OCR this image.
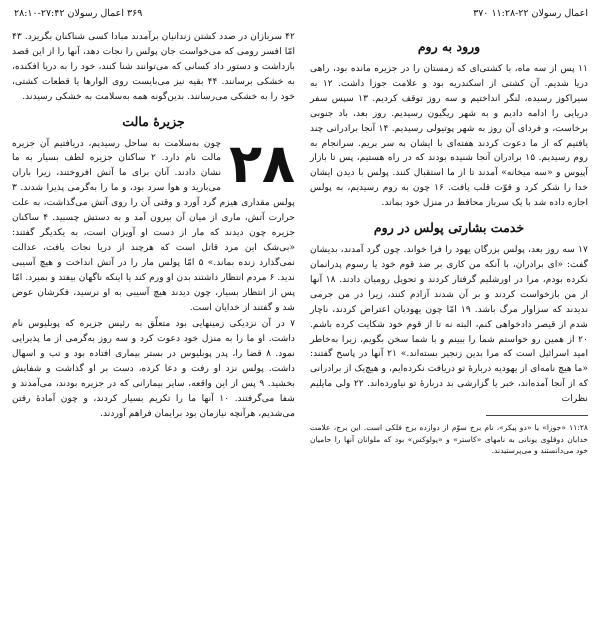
۳۶۹ اعمال رسولان ۲۷:۴۲-۲۸:۱۰	اعمال رسولان ۲۲-۱۱:۲۸ ۳۷۰

۴۲ سربازان در صدد کشتن زندانیان برآمدند مبادا کسی شناکنان بگریزد. ۴۳ امّا افسر رومی که می‌خواست جان پولس را نجات دهد، آنها را از این قصد بازداشت و دستور داد کسانی که می‌توانند شنا کنند، خود را به دریا افکنده، به خشکی برسانند. ۴۴ بقیه نیز می‌بایست روی الوارها یا قطعات کشتی، خود را به خشکی می‌رسانند. بدین‌گونه همه به‌سلامت به خشکی رسیدند.

جزیرهٔ مالت

۲۸
چون به‌سلامت به ساحل رسیدیم، دریافتیم آن جزیره مالت نام دارد. ۲ ساکنان جزیره لطف بسیار به ما نشان دادند. آنان برای ما آتش افروختند، زیرا باران می‌بارید و هوا سرد بود، و ما را به‌گرمی پذیرا شدند. ۳ پولس مقداری هیزم گرد آورد و وقتی آن را روی آتش می‌گذاشت، به علت حرارت آتش، ماری از میان آن بیرون آمد و به دستش چسبید. ۴ ساکنان جزیره چون دیدند که مار از دست او آویزان است، به یکدیگر گفتند: «بی‌شک این مرد قاتل است که هرچند از دریا نجات یافت، عدالت نمی‌گذارد زنده بماند.» ۵ امّا پولس مار را در آتش انداخت و هیچ آسیبی ندید. ۶ مردم انتظار داشتند بدن او ورم کند یا اینکه ناگهان بیفتد و بمیرد. امّا پس از انتظار بسیار، چون دیدند هیچ آسیبی به او نرسید، فکرشان عوض شد و گفتند از خدایان است.

۷ در آن نزدیکی زمینهایی بود متعلّق به رئیس جزیره که پوبلیوس نام داشت. او ما را به منزل خود دعوت کرد و سه روز به‌گرمی از ما پذیرایی نمود. ۸ قضا را، پدر پوبلیوس در بستر بیماری افتاده بود و تب و اسهال داشت. پولس نزد او رفت و دعا کرده، دست بر او گذاشت و شفایش بخشید. ۹ پس از این واقعه، سایر بیمارانی که در جزیره بودند، می‌آمدند و شفا می‌گرفتند. ۱۰ آنها ما را تکریم بسیار کردند، و چون آمادهٔ رفتن می‌شدیم، هرآنچه نیازمان بود برایمان فراهم آوردند.

ورود به روم

۱۱ پس از سه ماه، با کشتی‌ای که زمستان را در جزیره مانده بود، راهی دریا شدیم. آن کشتی از اسکندریه بود و علامت جوزا داشت. ۱۲ به سیراکوز رسیده، لنگر انداختیم و سه روز توقف کردیم. ۱۳ سپس سفر دریایی را ادامه دادیم و به شهر ریگیون رسیدیم. روز بعد، باد جنوبی برخاست، و فردای آن روز به شهر پوتیولی رسیدیم. ۱۴ آنجا برادرانی چند یافتیم که از ما دعوت کردند هفته‌ای با ایشان به سر بریم. سرانجام به روم رسیدیم. ۱۵ برادران آنجا شنیده بودند که در راه هستیم، پس تا بازار آپیوس و «سه میخانه» آمدند تا از ما استقبال کنند. پولس با دیدن ایشان خدا را شکر کرد و قوّت قلب یافت. ۱۶ چون به روم رسیدیم، به پولس اجازه داده شد با یک سرباز محافظ در منزل خود بماند.

خدمت بشارتی پولس در روم

۱۷ سه روز بعد، پولس بزرگان یهود را فرا خواند. چون گرد آمدند، بدیشان گفت: «ای برادران، با آنکه من کاری بر ضد قوم خود یا رسوم پدرانمان نکرده بودم، مرا در اورشلیم گرفتار کردند و تحویل رومیان دادند. ۱۸ آنها از من بازخواست کردند و بر آن شدند آزادم کنند، زیرا در من جرمی ندیدند که سزاوار مرگ باشد. ۱۹ امّا چون یهودیان اعتراض کردند، ناچار شدم از قیصر دادخواهی کنم، البته نه تا از قوم خود شکایت کرده باشم. ۲۰ از همین رو خواستم شما را ببینم و با شما سخن بگویم، زیرا به‌خاطر امید اسرائیل است که مرا بدین زنجیر بسته‌اند.» ۲۱ آنها در پاسخ گفتند: «ما هیچ نامه‌ای از یهودیه دربارهٔ تو دریافت نکرده‌ایم، و هیچ‌یک از برادرانی که از آنجا آمده‌اند، خبر یا گزارشی بد دربارهٔ تو نیاورده‌اند. ۲۲ ولی مایلیم نظرات

۱۱:۲۸ «جوزا» یا «دو پیکر»، نام برج سوّم از دوازده برج فلکی است. این برج، علامت خدایان دوقلوی یونانی به نامهای «کاستر» و «پولوکس» بود که ملوانان آنها را حامیان خود می‌دانستند و می‌پرستیدند.
